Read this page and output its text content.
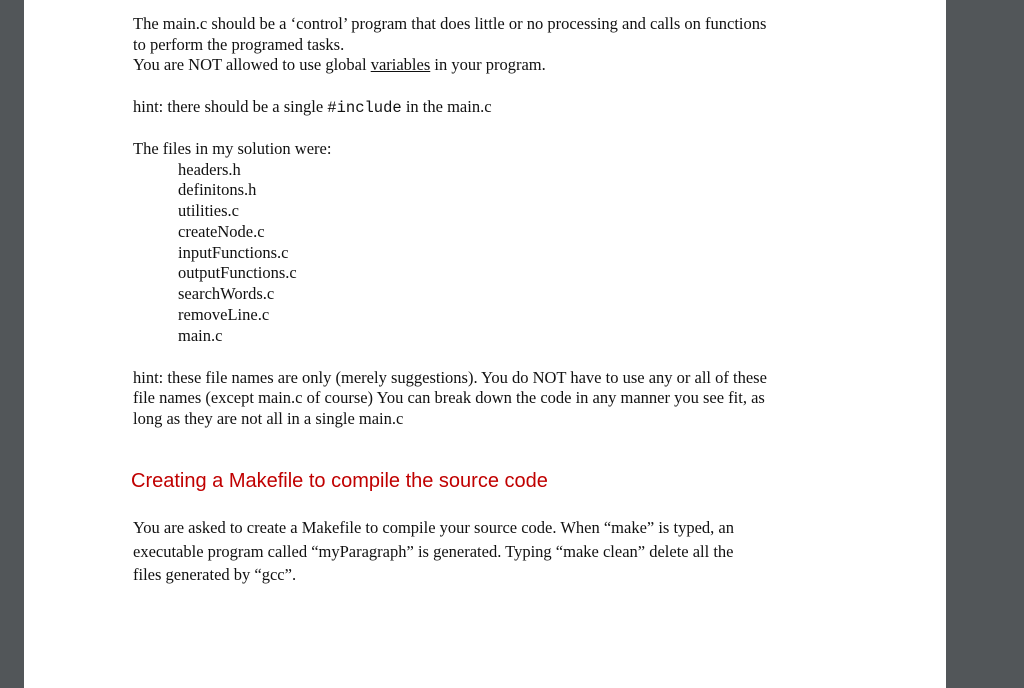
The main.c should be a ‘control’ program that does little or no processing and calls on functions
to perform the programed tasks.
You are NOT allowed to use global variables in your program.

hint: there should be a single #include in the main.c

The files in my solution were:

headers.h
definitons.h
utilities.c
createNode.c
inputFunctions.c
outputFunctions.c
searchWords.c
removeLine.c
main.c

hint: these file names are only (merely suggestions). You do NOT have to use any or all of these
file names (except main.c of course) You can break down the code in any manner you see fit, as
long as they are not all in a single main.c

Creating a Makefile to compile the source code

You are asked to create a Makefile to compile your source code. When “make” is typed, an
executable program called “myParagraph” is generated. Typing “make clean” delete all the
files generated by “gcc”.
